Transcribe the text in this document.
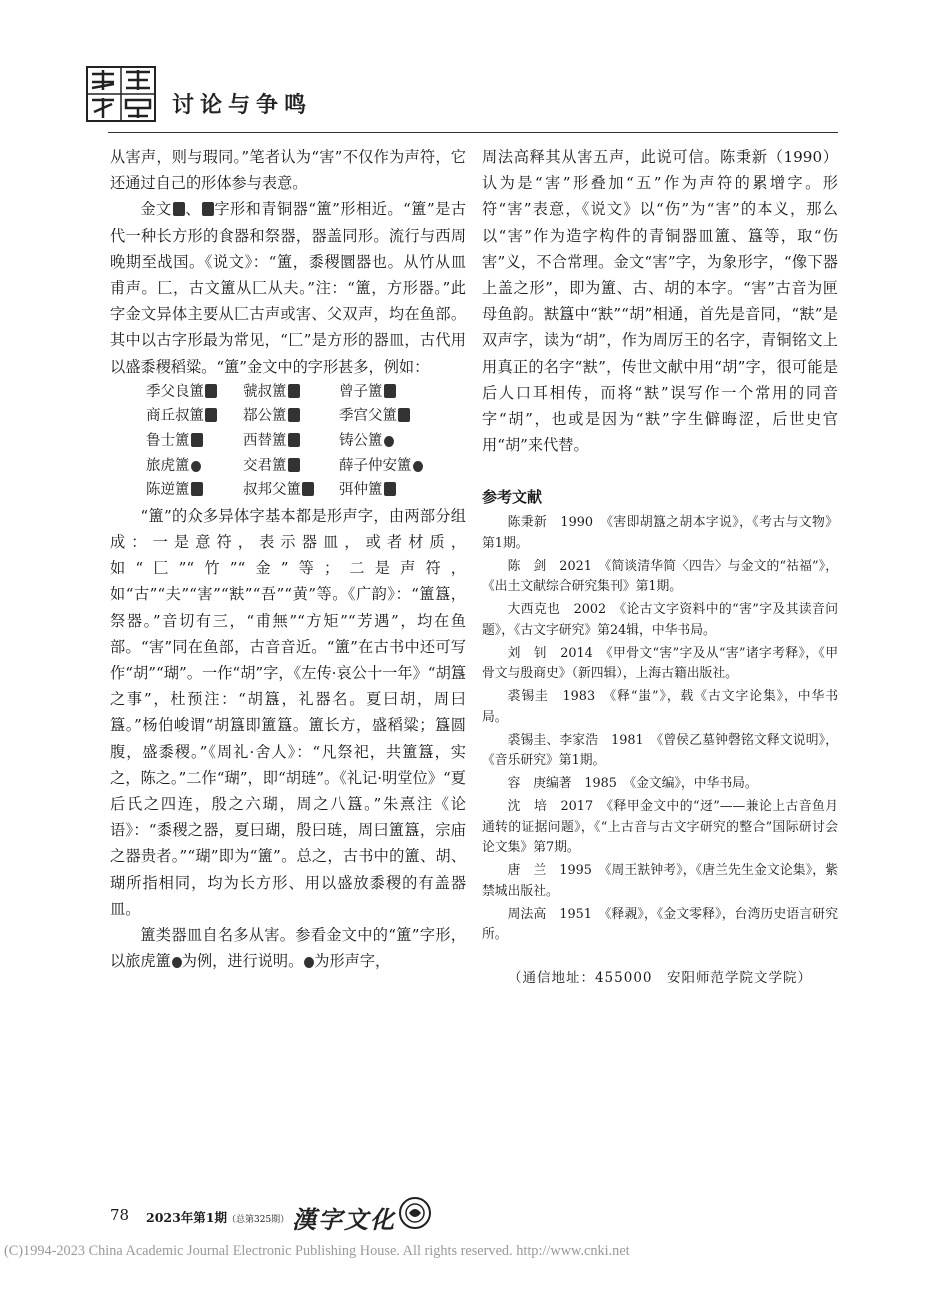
讨论与争鸣

从害声，则与瑕同。”笔者认为“害”不仅作为声符，它还通过自己的形体参与表意。

金文 、 字形和青铜器“簠”形相近。“簠”是古代一种长方形的食器和祭器，器盖同形。流行与西周晚期至战国。《说文》：“簠，黍稷圜器也。从竹从皿甫声。匚，古文簠从匚从夫。”注：“簠，方形器。”此字金文异体主要从匚古声或害、父双声，均在鱼部。其中以古字形最为常见，“匚”是方形的器皿，古代用以盛黍稷稻粱。“簠”金文中的字形甚多，例如：

季父良簠	虢叔簠	曾子簠
商丘叔簠	鄀公簠	季宫父簠
鲁士簠	西替簠	铸公簠
旅虎簠	交君簠	薛子仲安簠
陈逆簠	叔邦父簠	弭仲簠

“簠”的众多异体字基本都是形声字，由两部分组成：一是意符，表示器皿，或者材质，如“匚”“竹”“金”等；二是声符，如“古”“夫”“害”“㝬”“吾”“黄”等。《广韵》：“簠簋，祭器。”音切有三，“甫無”“方矩”“芳遇”，均在鱼部。“害”同在鱼部，古音音近。“簠”在古书中还可写作“胡”“瑚”。一作“胡”字，《左传·哀公十一年》“胡簋之事”，杜预注：“胡簋，礼器名。夏曰胡，周曰簋。”杨伯峻谓“胡簋即簠簋。簠长方，盛稻粱；簋圆腹，盛黍稷。”《周礼·舍人》：“凡祭祀，共簠簋，实之，陈之。”二作“瑚”，即“胡琏”。《礼记·明堂位》“夏后氏之四连，殷之六瑚，周之八簋。”朱熹注《论语》：“黍稷之器，夏曰瑚，殷曰琏，周曰簠簋，宗庙之器贵者。”“瑚”即为“簠”。总之，古书中的簠、胡、瑚所指相同，均为长方形、用以盛放黍稷的有盖器皿。

簠类器皿自名多从害。参看金文中的“簠”字形，以旅虎簠 为例，进行说明。 为形声字，

周法高释其从害五声，此说可信。陈秉新（1990）认为是“害”形叠加“五”作为声符的累增字。形符“害”表意，《说文》以“伤”为“害”的本义，那么以“害”作为造字构件的青铜器皿簠、簋等，取“伤害”义，不合常理。金文“害”字，为象形字，“像下器上盖之形”，即为簠、古、胡的本字。“害”古音为匣母鱼韵。㝬簋中“㝬”“胡”相通，首先是音同，“㝬”是双声字，读为“胡”，作为周厉王的名字，青铜铭文上用真正的名字“㝬”，传世文献中用“胡”字，很可能是后人口耳相传，而将“㝬”误写作一个常用的同音字“胡”，也或是因为“㝬”字生僻晦涩，后世史官用“胡”来代替。

参考文献

陈秉新　1990　《害即胡簋之胡本字说》，《考古与文物》第1期。

陈　剑　2021　《简谈清华简〈四告〉与金文的“祜福”》，《出土文献综合研究集刊》第1期。

大西克也　2002　《论古文字资料中的“害”字及其读音问题》，《古文字研究》第24辑，中华书局。

刘　钊　2014　《甲骨文“害”字及从“害”诸字考释》，《甲骨文与殷商史》（新四辑），上海古籍出版社。

裘锡圭　1983　《释“蚩”》，载《古文字论集》，中华书局。

裘锡圭、李家浩　1981　《曾侯乙墓钟磬铭文释文说明》，《音乐研究》第1期。

容　庚编著　1985　《金文编》，中华书局。

沈　培　2017　《释甲金文中的“迓”——兼论上古音鱼月通转的证据问题》，《“上古音与古文字研究的整合”国际研讨会论文集》第7期。

唐　兰　1995　《周王㝬钟考》，《唐兰先生金文论集》，紫禁城出版社。

周法高　1951　《释䚄》，《金文零释》，台湾历史语言研究所。

（通信地址：455000　安阳师范学院文学院）
78 2023年第1期（总第325期） 漢字文化
(C)1994-2023 China Academic Journal Electronic Publishing House. All rights reserved. http://www.cnki.net
